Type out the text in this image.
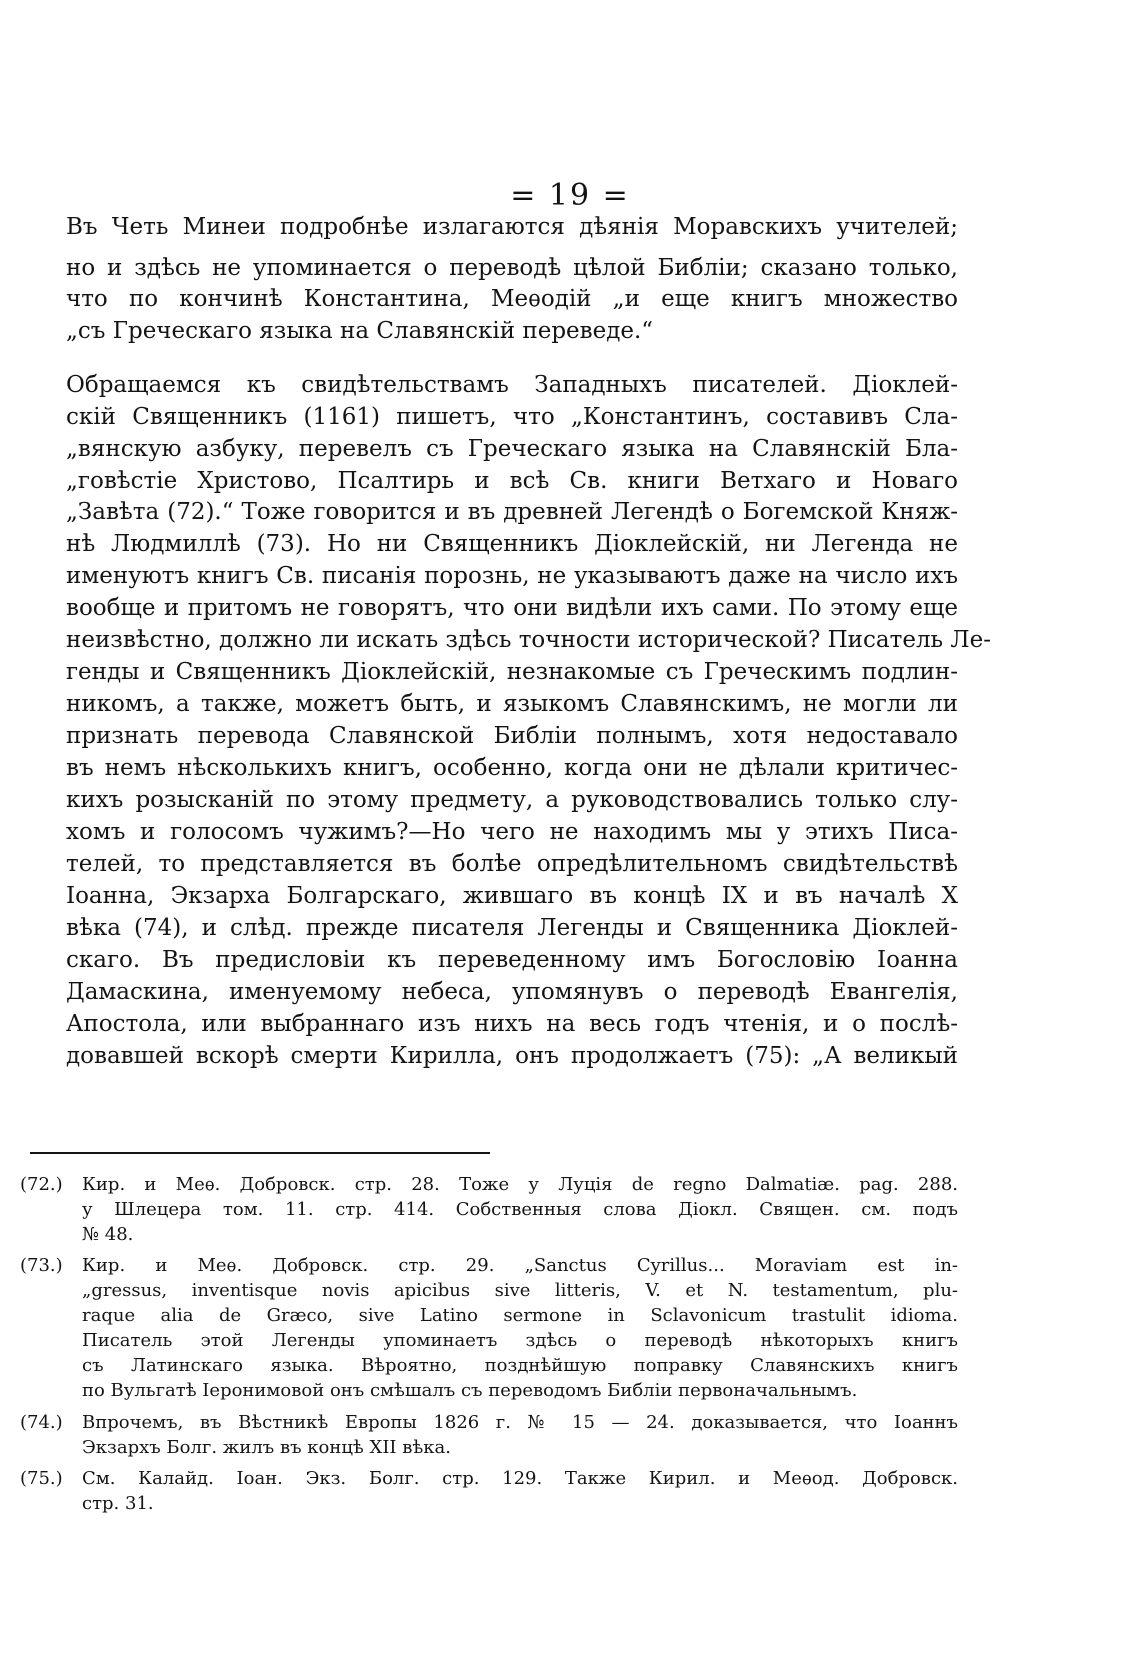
= 19 =
Въ Четь Минеи подробнѣе излагаются дѣянія Моравскихъ учителей;
но и здѣсь не упоминается о переводѣ цѣлой Библіи; сказано только,
что по кончинѣ Константина, Меѳодій „и еще книгъ множество
„съ Греческаго языка на Славянскій переведе.“
Обращаемся къ свидѣтельствамъ Западныхъ писателей. Діоклей-
скій Священникъ (1161) пишетъ, что „Константинъ, составивъ Сла-
„вянскую азбуку, перевелъ съ Греческаго языка на Славянскій Бла-
„говѣстіе Христово, Псалтирь и всѣ Св. книги Ветхаго и Новаго
„Завѣта (72).“ Тоже говорится и въ древней Легендѣ о Богемской Княж-
нѣ Людмиллѣ (73). Но ни Священникъ Діоклейскій, ни Легенда не
именуютъ книгъ Св. писанія порознь, не указываютъ даже на число ихъ
вообще и притомъ не говорятъ, что они видѣли ихъ сами. По этому еще
неизвѣстно, должно ли искать здѣсь точности исторической? Писатель Ле-
генды и Священникъ Діоклейскій, незнакомые съ Греческимъ подлин-
никомъ, а также, можетъ быть, и языкомъ Славянскимъ, не могли ли
признать перевода Славянской Библіи полнымъ, хотя недоставало
въ немъ нѣсколькихъ книгъ, особенно, когда они не дѣлали критичес-
кихъ розысканій по этому предмету, а руководствовались только слу-
хомъ и голосомъ чужимъ?—Но чего не находимъ мы у этихъ Писа-
телей, то представляется въ болѣе опредѣлительномъ свидѣтельствѣ
Іоанна, Экзарха Болгарскаго, жившаго въ концѣ IX и въ началѣ X
вѣка (74), и слѣд. прежде писателя Легенды и Священника Діоклей-
скаго. Въ предисловіи къ переведенному имъ Богословію Іоанна
Дамаскина, именуемому небеса, упомянувъ о переводѣ Евангелія,
Апостола, или выбраннаго изъ нихъ на весь годъ чтенія, и о послѣ-
довавшей вскорѣ смерти Кирилла, онъ продолжаетъ (75): „А великый
(72.) Кир. и Меѳ. Добровск. стр. 28. Тоже у Луція de regno Dalmatiæ. pag. 288.
у Шлецера том. 11. стр. 414. Собственныя слова Діокл. Священ. см. подъ
№ 48.
(73.) Кир. и Меѳ. Добровск. стр. 29. „Sanctus Cyrillus... Moraviam est in-
„gressus, inventisque novis apicibus sive litteris, V. et N. testamentum, plu-
raque alia de Græco, sive Latino sermone in Sclavonicum trastulit idioma.
Писатель этой Легенды упоминаетъ здѣсь о переводѣ нѣкоторыхъ книгъ
съ Латинскаго языка. Вѣроятно, позднѣйшую поправку Славянскихъ книгъ
по Вульгатѣ Іеронимовой онъ смѣшалъ съ переводомъ Библіи первоначальнымъ.
(74.) Впрочемъ, въ Вѣстникѣ Европы 1826 г. № 15 — 24. доказывается, что Іоаннъ
Экзархъ Болг. жилъ въ концѣ XII вѣка.
(75.) См. Калайд. Іоан. Экз. Болг. стр. 129. Также Кирил. и Меѳод. Добровск.
стр. 31.
